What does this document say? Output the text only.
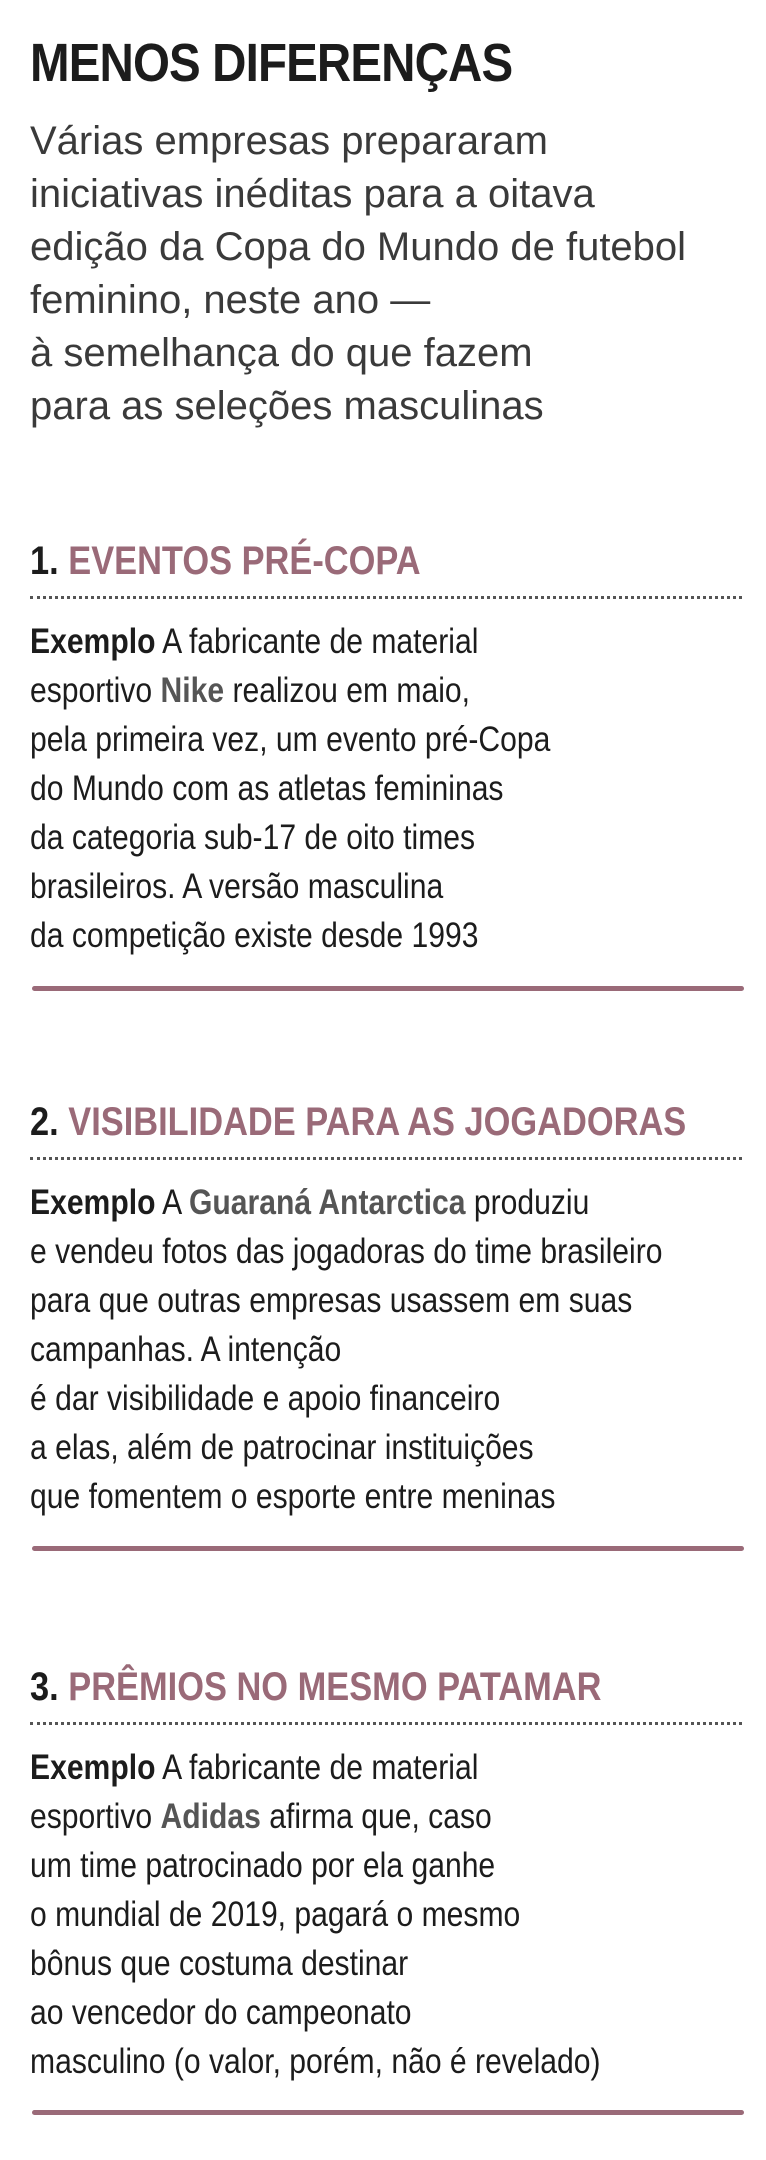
MENOS DIFERENÇAS

Várias empresas prepararam
iniciativas inéditas para a oitava
edição da Copa do Mundo de futebol
feminino, neste ano —
à semelhança do que fazem
para as seleções masculinas

1. EVENTOS PRÉ-COPA
Exemplo A fabricante de material
esportivo Nike realizou em maio,
pela primeira vez, um evento pré-Copa
do Mundo com as atletas femininas
da categoria sub-17 de oito times
brasileiros. A versão masculina
da competição existe desde 1993
2. VISIBILIDADE PARA AS JOGADORAS
Exemplo A Guaraná Antarctica produziu
e vendeu fotos das jogadoras do time brasileiro
para que outras empresas usassem em suas
campanhas. A intenção
é dar visibilidade e apoio financeiro
a elas, além de patrocinar instituições
que fomentem o esporte entre meninas
3. PRÊMIOS NO MESMO PATAMAR
Exemplo A fabricante de material
esportivo Adidas afirma que, caso
um time patrocinado por ela ganhe
o mundial de 2019, pagará o mesmo
bônus que costuma destinar
ao vencedor do campeonato
masculino (o valor, porém, não é revelado)
